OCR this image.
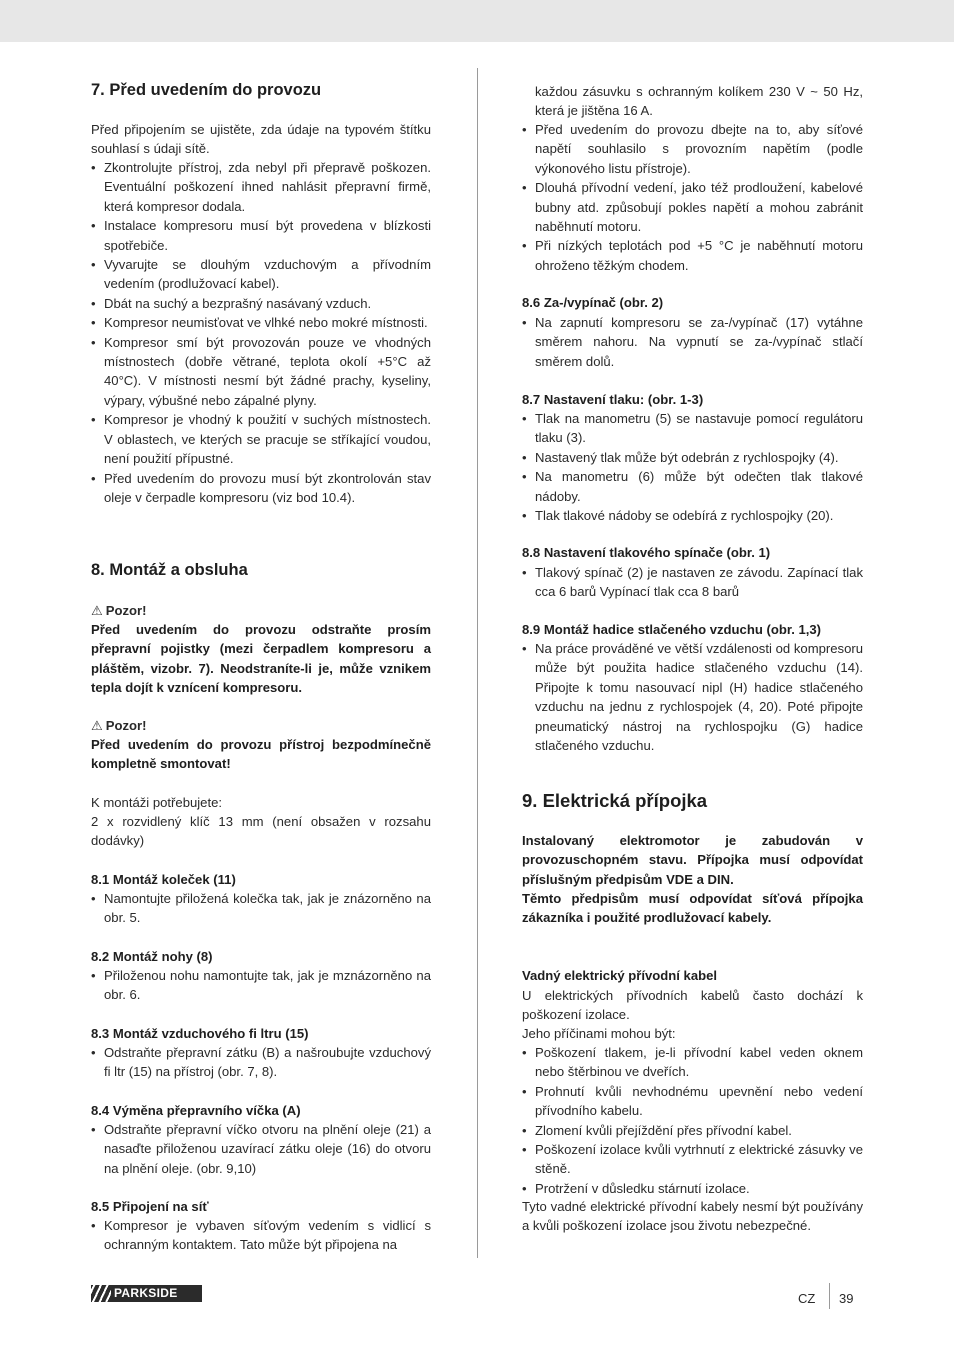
7. Před uvedením do provozu
Před připojením se ujistěte, zda údaje na typovém štítku souhlasí s údaji sítě.
• Zkontrolujte přístroj, zda nebyl při přepravě poškozen. Eventuální poškození ihned nahlásit přepravní firmě, která kompresor dodala.
• Instalace kompresoru musí být provedena v blízkosti spotřebiče.
• Vyvarujte se dlouhým vzduchovým a přívodním vedením (prodlužovací kabel).
• Dbát na suchý a bezprašný nasávaný vzduch.
• Kompresor neumisťovat ve vlhké nebo mokré místnosti.
• Kompresor smí být provozován pouze ve vhodných místnostech (dobře větrané, teplota okolí +5°C až 40°C). V místnosti nesmí být žádné prachy, kyseliny, výpary, výbušné nebo zápalné plyny.
• Kompresor je vhodný k použití v suchých místnostech. V oblastech, ve kterých se pracuje se stříkající voudou, není použití přípustné.
• Před uvedením do provozu musí být zkontrolován stav oleje v čerpadle kompresoru (viz bod 10.4).
8. Montáž a obsluha
⚠ Pozor!
Před uvedením do provozu odstraňte prosím přepravní pojistky (mezi čerpadlem kompresoru a pláštěm, vizobr. 7). Neodstraníte-li je, může vznikem tepla dojít k vznícení kompresoru.
⚠ Pozor!
Před uvedením do provozu přístroj bezpodmínečně kompletně smontovat!
K montáži potřebujete:
2 x rozvidlený klíč 13 mm (není obsažen v rozsahu dodávky)
8.1 Montáž koleček (11)
• Namontujte přiložená kolečka tak, jak je znázorněno na obr. 5.
8.2 Montáž nohy (8)
• Přiloženou nohu namontujte tak, jak je mznázorněno na obr. 6.
8.3 Montáž vzduchového fi ltru (15)
• Odstraňte přepravní zátku (B) a našroubujte vzduchový fi ltr (15) na přístroj (obr. 7, 8).
8.4 Výměna přepravního víčka (A)
• Odstraňte přepravní víčko otvoru na plnění oleje (21) a nasaďte přiloženou uzavírací zátku oleje (16) do otvoru na plnění oleje. (obr. 9,10)
8.5 Připojení na síť
• Kompresor je vybaven síťovým vedením s vidlicí s ochranným kontaktem. Tato může být připojena na
každou zásuvku s ochranným kolíkem 230 V ~ 50 Hz, která je jištěna 16 A.
• Před uvedením do provozu dbejte na to, aby síťové napětí souhlasilo s provozním napětím (podle výkonového listu přístroje).
• Dlouhá přívodní vedení, jako též prodloužení, kabelové bubny atd. způsobují pokles napětí a mohou zabránit naběhnutí motoru.
• Při nízkých teplotách pod +5 °C je naběhnutí motoru ohroženo těžkým chodem.
8.6 Za-/vypínač (obr. 2)
• Na zapnutí kompresoru se za-/vypínač (17) vytáhne směrem nahoru. Na vypnutí se za-/vypínač stlačí směrem dolů.
8.7 Nastavení tlaku: (obr. 1-3)
• Tlak na manometru (5) se nastavuje pomocí regulátoru tlaku (3).
• Nastavený tlak může být odebrán z rychlospojky (4).
• Na manometru (6) může být odečten tlak tlakové nádoby.
• Tlak tlakové nádoby se odebírá z rychlospojky (20).
8.8 Nastavení tlakového spínače (obr. 1)
• Tlakový spínač (2) je nastaven ze závodu. Zapínací tlak cca 6 barů Vypínací tlak cca 8 barů
8.9 Montáž hadice stlačeného vzduchu (obr. 1,3)
• Na práce prováděné ve větší vzdálenosti od kompresoru může být použita hadice stlačeného vzduchu (14). Připojte k tomu nasouvací nipl (H) hadice stlačeného vzduchu na jednu z rychlospojek (4, 20). Poté připojte pneumatický nástroj na rychlospojku (G) hadice stlačeného vzduchu.
9. Elektrická přípojka
Instalovaný elektromotor je zabudován v provozuschopném stavu. Přípojka musí odpovídat příslušným předpisům VDE a DIN.
Těmto předpisům musí odpovídat síťová přípojka zákazníka i použité prodlužovací kabely.
Vadný elektrický přívodní kabel
U elektrických přívodních kabelů často dochází k poškození izolace.
Jeho příčinami mohou být:
• Poškození tlakem, je-li přívodní kabel veden oknem nebo štěrbinou ve dveřích.
• Prohnutí kvůli nevhodnému upevnění nebo vedení přívodního kabelu.
• Zlomení kvůli přejíždění přes přívodní kabel.
• Poškození izolace kvůli vytrhnutí z elektrické zásuvky ve stěně.
• Protržení v důsledku stárnutí izolace.
Tyto vadné elektrické přívodní kabely nesmí být používány a kvůli poškození izolace jsou životu nebezpečné.
PARKSIDE	CZ 39
